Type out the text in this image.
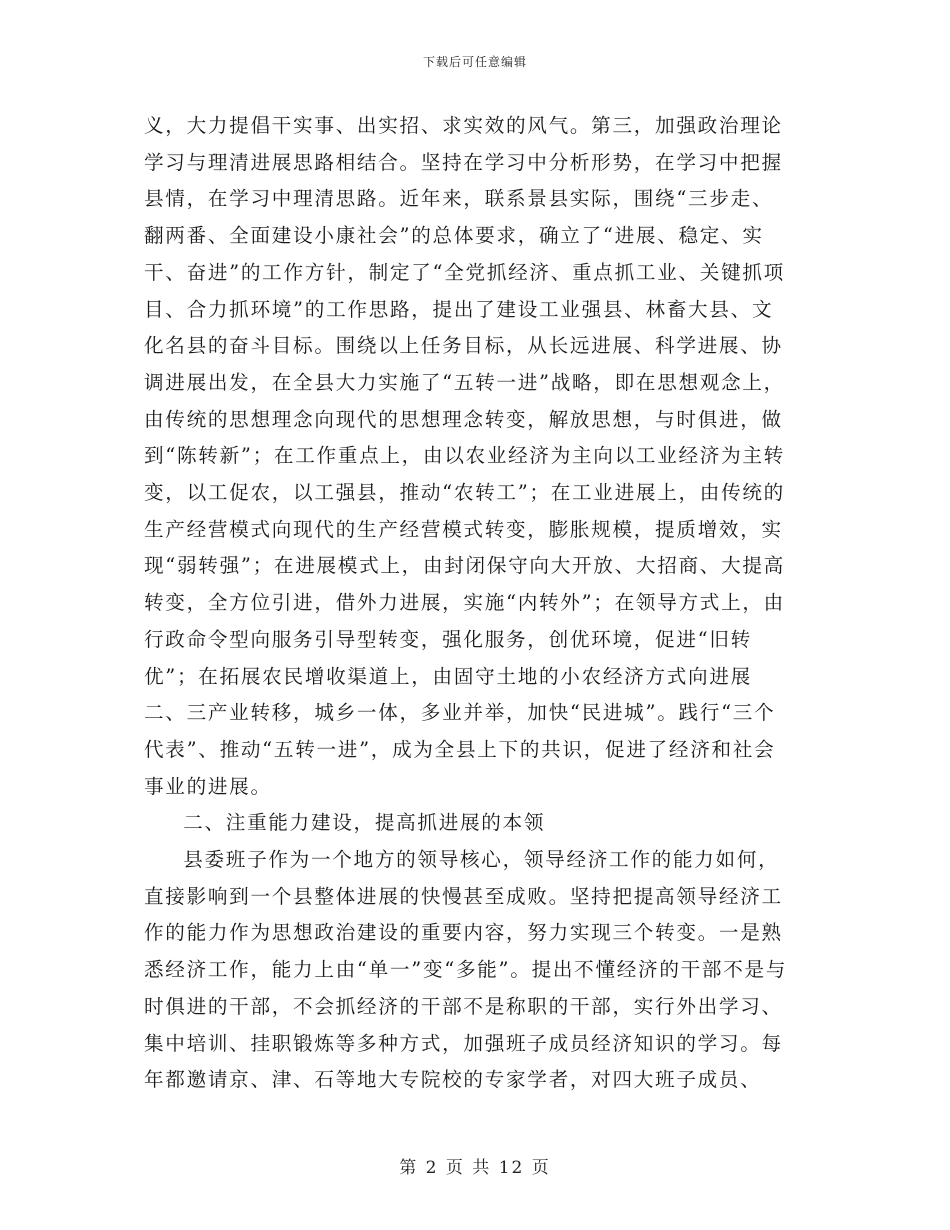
下载后可任意编辑

义，大力提倡干实事、出实招、求实效的风气。第三，加强政治理论学习与理清进展思路相结合。坚持在学习中分析形势，在学习中把握县情，在学习中理清思路。近年来，联系景县实际，围绕“三步走、翻两番、全面建设小康社会”的总体要求，确立了“进展、稳定、实干、奋进”的工作方针，制定了“全党抓经济、重点抓工业、关键抓项目、合力抓环境”的工作思路，提出了建设工业强县、林畜大县、文化名县的奋斗目标。围绕以上任务目标，从长远进展、科学进展、协调进展出发，在全县大力实施了“五转一进”战略，即在思想观念上，由传统的思想理念向现代的思想理念转变，解放思想，与时俱进，做到“陈转新”；在工作重点上，由以农业经济为主向以工业经济为主转变，以工促农，以工强县，推动“农转工”；在工业进展上，由传统的生产经营模式向现代的生产经营模式转变，膨胀规模，提质增效，实现“弱转强”；在进展模式上，由封闭保守向大开放、大招商、大提高转变，全方位引进，借外力进展，实施“内转外”；在领导方式上，由行政命令型向服务引导型转变，强化服务，创优环境，促进“旧转优”；在拓展农民增收渠道上，由固守土地的小农经济方式向进展二、三产业转移，城乡一体，多业并举，加快“民进城”。践行“三个代表”、推动“五转一进”，成为全县上下的共识，促进了经济和社会事业的进展。

二、注重能力建设，提高抓进展的本领

县委班子作为一个地方的领导核心，领导经济工作的能力如何，直接影响到一个县整体进展的快慢甚至成败。坚持把提高领导经济工作的能力作为思想政治建设的重要内容，努力实现三个转变。一是熟悉经济工作，能力上由“单一”变“多能”。提出不懂经济的干部不是与时俱进的干部，不会抓经济的干部不是称职的干部，实行外出学习、集中培训、挂职锻炼等多种方式，加强班子成员经济知识的学习。每年都邀请京、津、石等地大专院校的专家学者，对四大班子成员、

第 2 页 共 12 页
